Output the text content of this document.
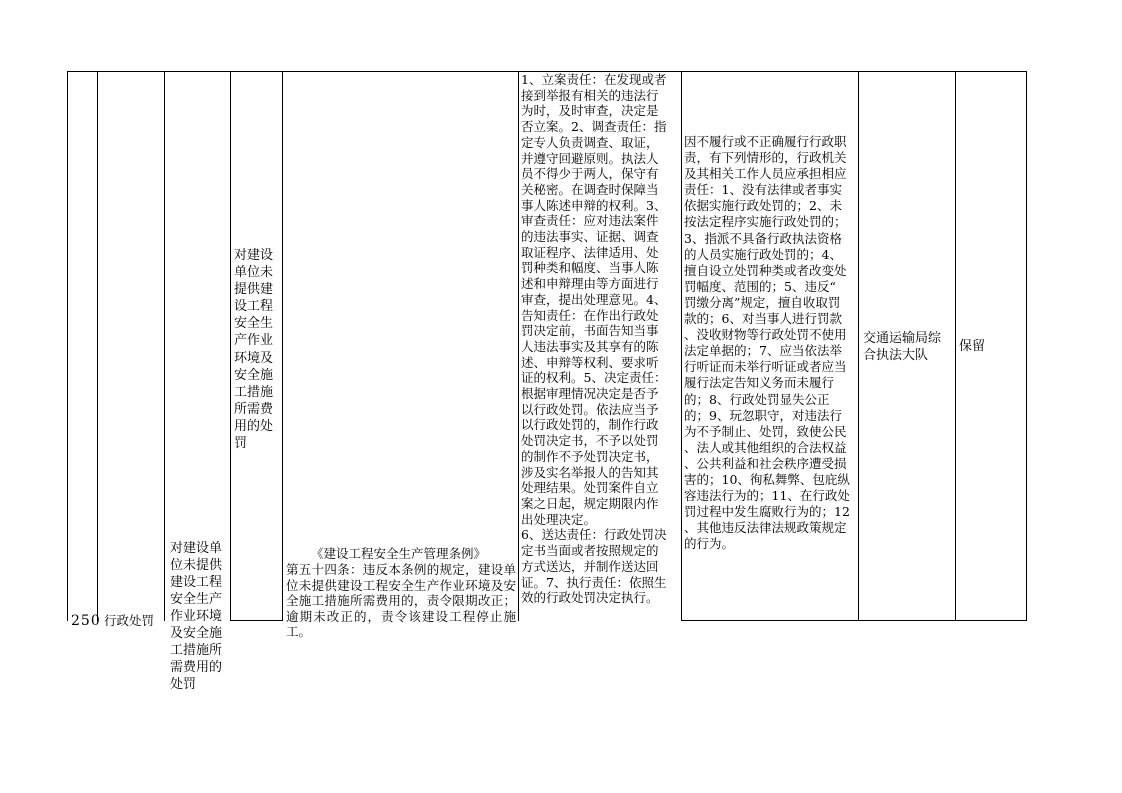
250 行政处罚
对建设单位未提供建设工程安全生产作业环境及安全施工措施所需费用的处罚
对建设
单位未
提供建
设工程
安全生
产作业
环境及
安全施
工措施
所需费
用的处
罚
《建设工程安全生产管理条例》
第五十四条：违反本条例的规定，建设单位未提供建设工程安全生产作业环境及安全施工措施所需费用的，责令限期改正；逾期未改正的，责令该建设工程停止施工。
1、立案责任：在发现或者
接到举报有相关的违法行
为时，及时审查，决定是
否立案。2、调查责任：指
定专人负责调查、取证，
并遵守回避原则。执法人
员不得少于两人，保守有
关秘密。在调查时保障当
事人陈述申辩的权利。3、
审查责任：应对违法案件
的违法事实、证据、调查
取证程序、法律适用、处
罚种类和幅度、当事人陈
述和申辩理由等方面进行
审查，提出处理意见。4、
告知责任：在作出行政处
罚决定前，书面告知当事
人违法事实及其享有的陈
述、申辩等权利、要求听
证的权利。5、决定责任：
根据审理情况决定是否予
以行政处罚。依法应当予
以行政处罚的，制作行政
处罚决定书，不予以处罚
的制作不予处罚决定书，
涉及实名举报人的告知其
处理结果。处罚案件自立
案之日起，规定期限内作
出处理决定。
6、送达责任：行政处罚决
定书当面或者按照规定的
方式送达，并制作送达回
证。7、执行责任：依照生
效的行政处罚决定执行。
因不履行或不正确履行行政职
责，有下列情形的，行政机关
及其相关工作人员应承担相应
责任：1、没有法律或者事实
依据实施行政处罚的；2、未
按法定程序实施行政处罚的；
3、指派不具备行政执法资格
的人员实施行政处罚的；4、
擅自设立处罚种类或者改变处
罚幅度、范围的；5、违反“
罚缴分离”规定，擅自收取罚
款的；6、对当事人进行罚款
、没收财物等行政处罚不使用
法定单据的；7、应当依法举
行听证而未举行听证或者应当
履行法定告知义务而未履行
的；8、行政处罚显失公正
的；9、玩忽职守，对违法行
为不予制止、处罚，致使公民
、法人或其他组织的合法权益
、公共利益和社会秩序遭受损
害的；10、徇私舞弊、包庇纵
容违法行为的；11、在行政处
罚过程中发生腐败行为的；12
、其他违反法律法规政策规定
的行为。
交通运输局综
合执法大队
保留
